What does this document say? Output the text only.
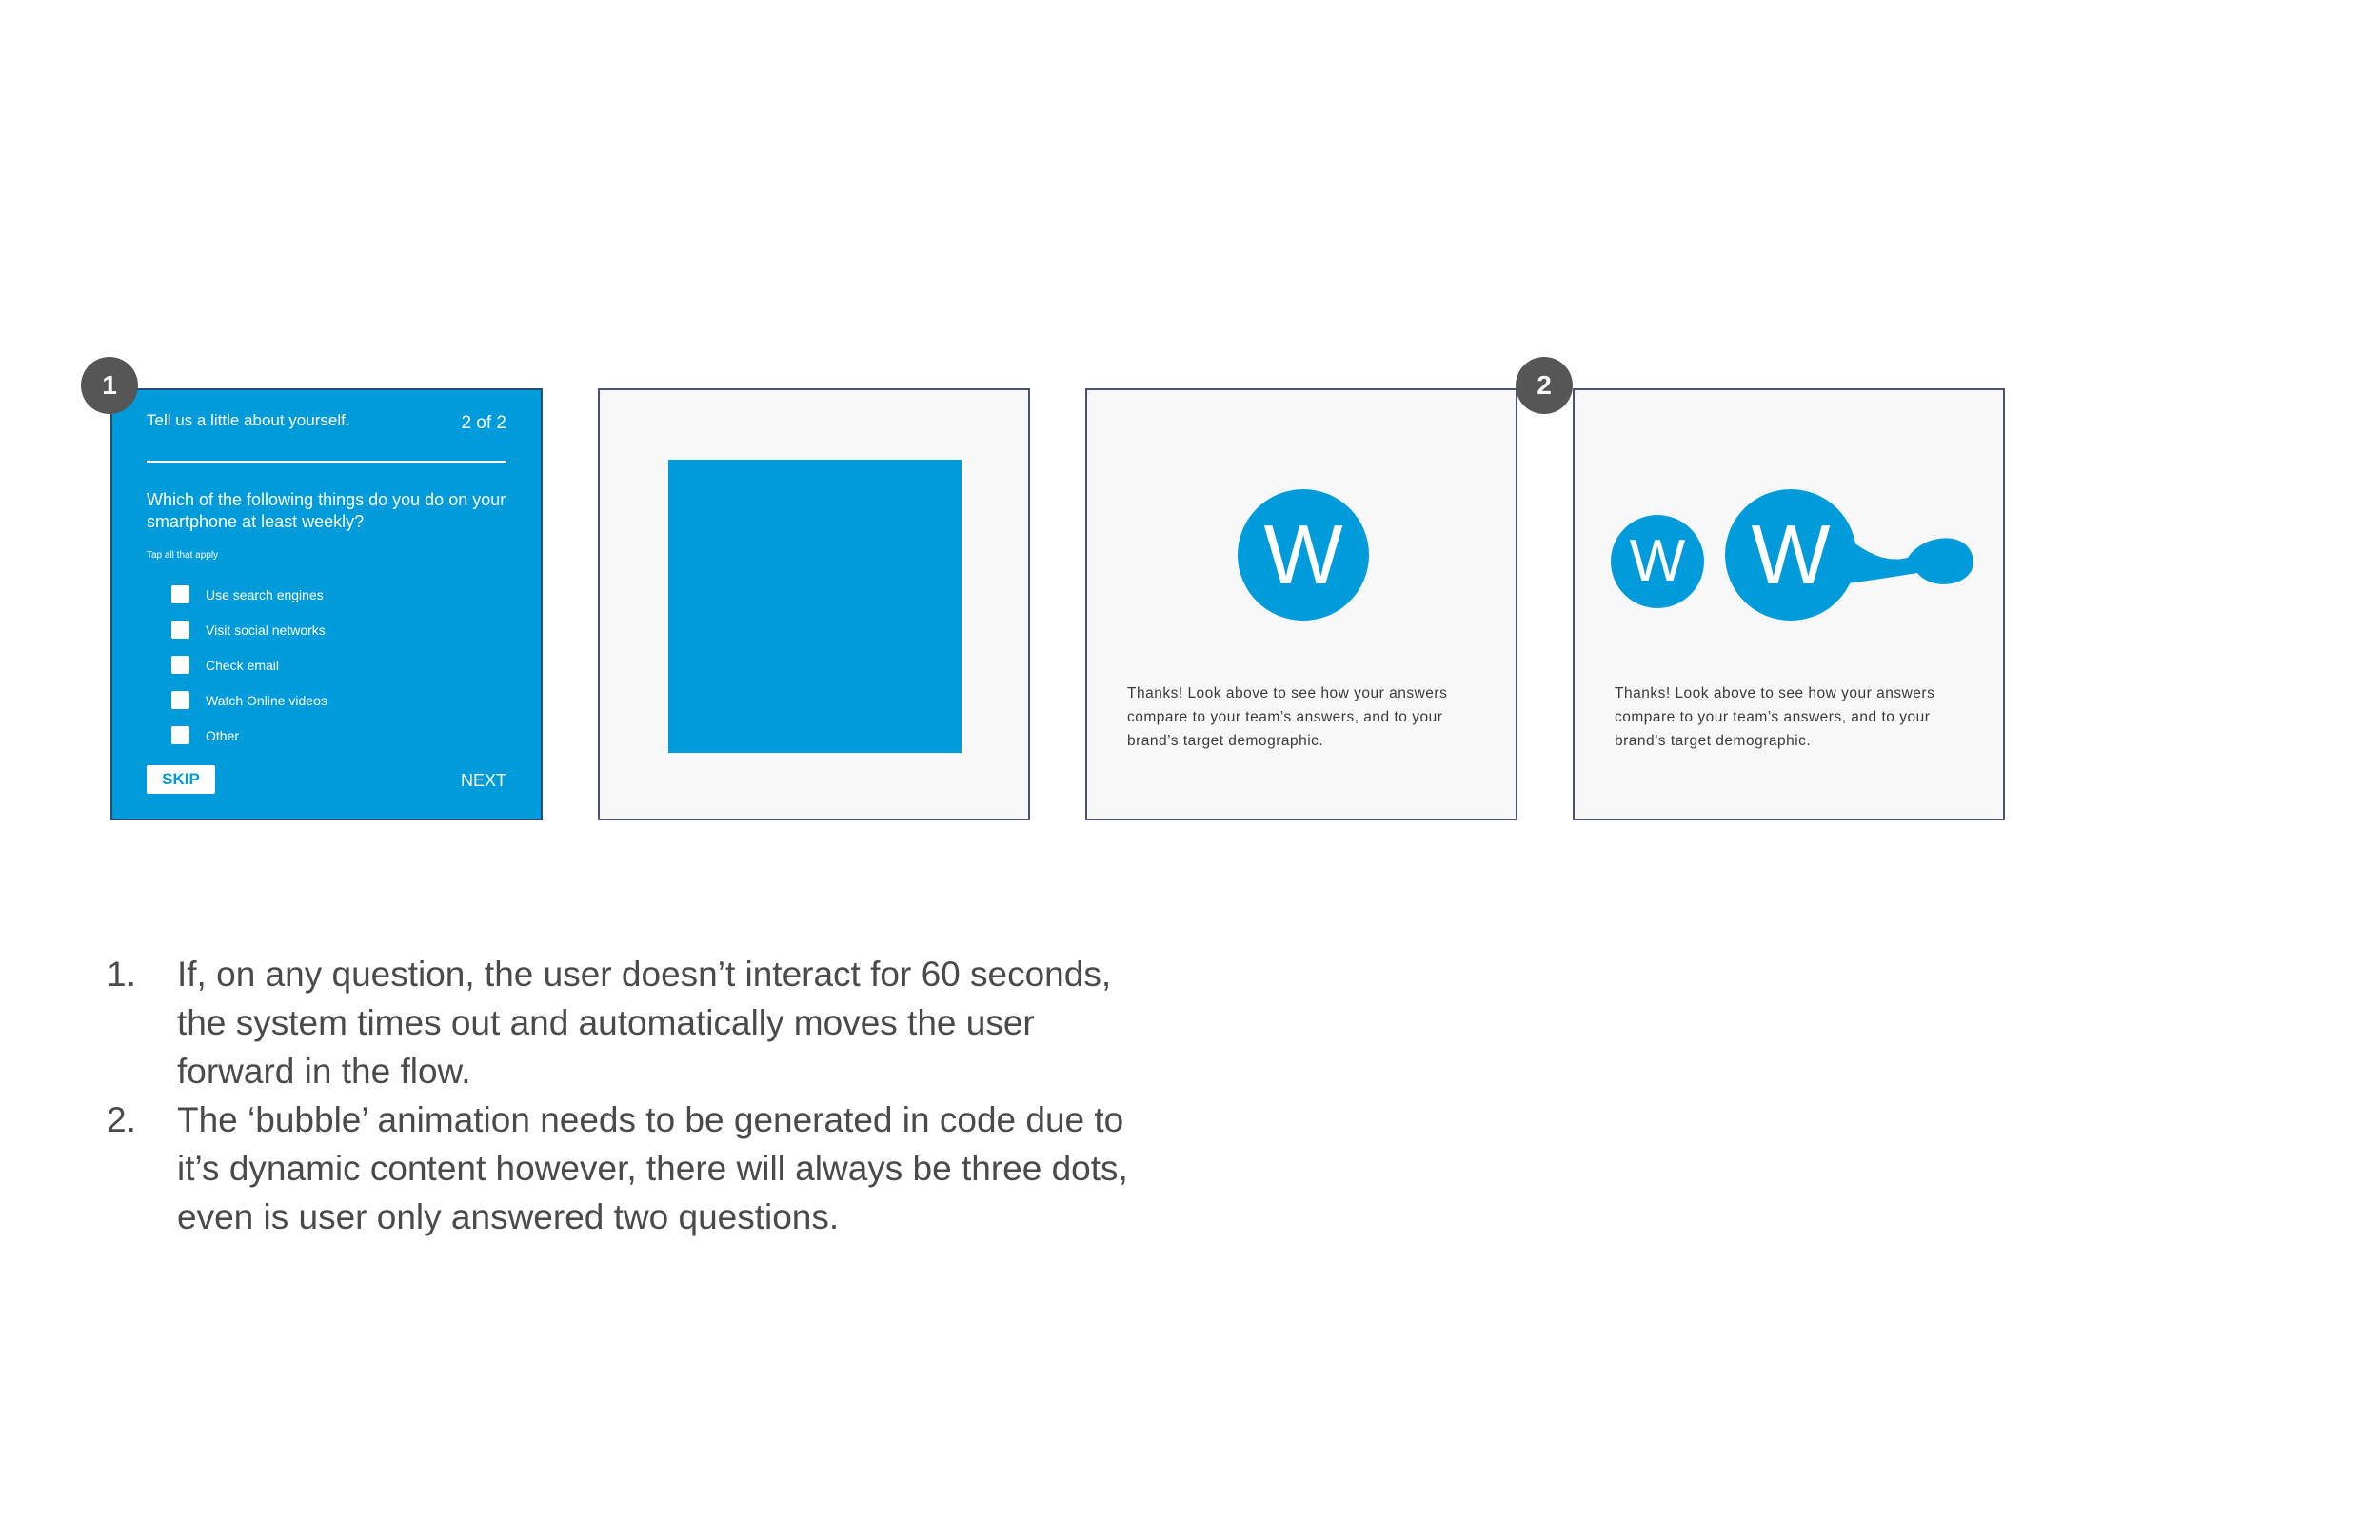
1	2
Tell us a little about yourself.	2 of 2
Which of the following things do you do on your smartphone at least weekly?
Tap all that apply
Use search engines
Visit social networks
Check email
Watch Online videos
Other
SKIP	NEXT
W
Thanks! Look above to see how your answers compare to your team’s answers, and to your brand’s target demographic.
W W
Thanks! Look above to see how your answers compare to your team’s answers, and to your brand’s target demographic.
1.	If, on any question, the user doesn’t interact for 60 seconds, the system times out and automatically moves the user forward in the flow.
2.	The ‘bubble’ animation needs to be generated in code due to it’s dynamic content however, there will always be three dots, even is user only answered two questions.
